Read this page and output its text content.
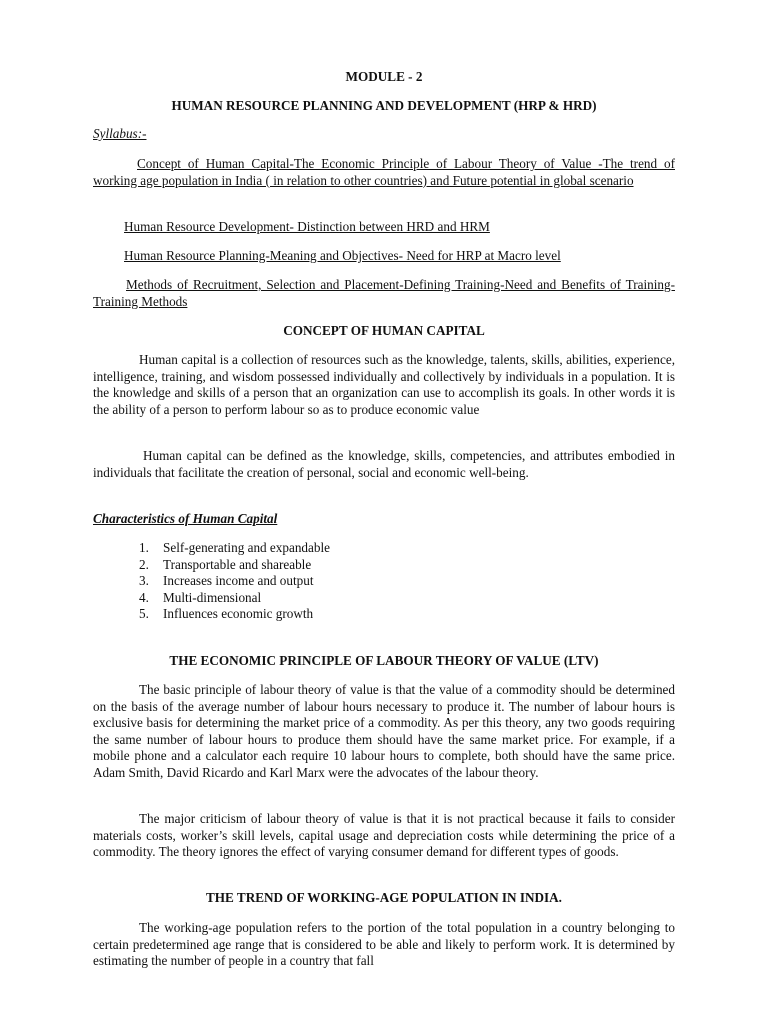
MODULE - 2
HUMAN RESOURCE PLANNING AND DEVELOPMENT (HRP & HRD)
Syllabus:-

Concept of Human Capital-The Economic Principle of Labour Theory of Value -The trend of working age population in India ( in relation to other countries) and Future potential in global scenario

Human Resource Development- Distinction between HRD and HRM

Human Resource Planning-Meaning and Objectives- Need for HRP at Macro level

Methods of Recruitment, Selection and Placement-Defining Training-Need and Benefits of Training-Training Methods

CONCEPT OF HUMAN CAPITAL

Human capital is a collection of resources such as the knowledge, talents, skills, abilities, experience, intelligence, training, and wisdom possessed individually and collectively by individuals in a population. It is the knowledge and skills of a person that an organization can use to accomplish its goals. In other words it is the ability of a person to perform labour so as to produce economic value

Human capital can be defined as the knowledge, skills, competencies, and attributes embodied in individuals that facilitate the creation of personal, social and economic well-being.

Characteristics of Human Capital
1. Self-generating and expandable
2. Transportable and shareable
3. Increases income and output
4. Multi-dimensional
5. Influences economic growth
THE ECONOMIC PRINCIPLE OF LABOUR THEORY OF VALUE (LTV)

The basic principle of labour theory of value is that the value of a commodity should be determined on the basis of the average number of labour hours necessary to produce it. The number of labour hours is exclusive basis for determining the market price of a commodity. As per this theory, any two goods requiring the same number of labour hours to produce them should have the same market price. For example, if a mobile phone and a calculator each require 10 labour hours to complete, both should have the same price. Adam Smith, David Ricardo and Karl Marx were the advocates of the labour theory.

The major criticism of labour theory of value is that it is not practical because it fails to consider materials costs, worker’s skill levels, capital usage and depreciation costs while determining the price of a commodity. The theory ignores the effect of varying consumer demand for different types of goods.

THE TREND OF WORKING-AGE POPULATION IN INDIA.

The working-age population refers to the portion of the total population in a country belonging to certain predetermined age range that is considered to be able and likely to perform work. It is determined by estimating the number of people in a country that fall
